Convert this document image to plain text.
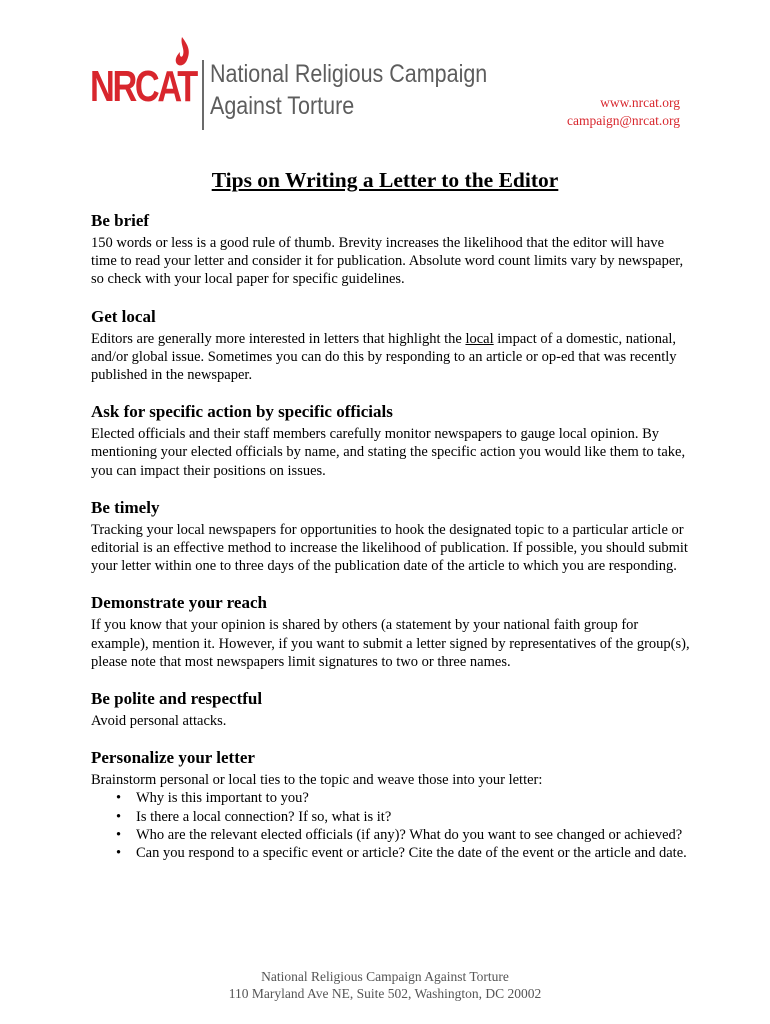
NRCAT National Religious Campaign
Against Torture	www.nrcat.org
campaign@nrcat.org
Tips on Writing a Letter to the Editor
Be brief

150 words or less is a good rule of thumb. Brevity increases the likelihood that the editor will have time to read your letter and consider it for publication. Absolute word count limits vary by newspaper, so check with your local paper for specific guidelines.

Get local

Editors are generally more interested in letters that highlight the local impact of a domestic, national, and/or global issue. Sometimes you can do this by responding to an article or op-ed that was recently published in the newspaper.

Ask for specific action by specific officials

Elected officials and their staff members carefully monitor newspapers to gauge local opinion. By mentioning your elected officials by name, and stating the specific action you would like them to take, you can impact their positions on issues.

Be timely

Tracking your local newspapers for opportunities to hook the designated topic to a particular article or editorial is an effective method to increase the likelihood of publication. If possible, you should submit your letter within one to three days of the publication date of the article to which you are responding.

Demonstrate your reach

If you know that your opinion is shared by others (a statement by your national faith group for example), mention it. However, if you want to submit a letter signed by representatives of the group(s), please note that most newspapers limit signatures to two or three names.

Be polite and respectful

Avoid personal attacks.

Personalize your letter

Brainstorm personal or local ties to the topic and weave those into your letter:

• Why is this important to you?
• Is there a local connection? If so, what is it?
• Who are the relevant elected officials (if any)? What do you want to see changed or achieved?
• Can you respond to a specific event or article? Cite the date of the event or the article and date.
National Religious Campaign Against Torture
110 Maryland Ave NE, Suite 502, Washington, DC 20002
